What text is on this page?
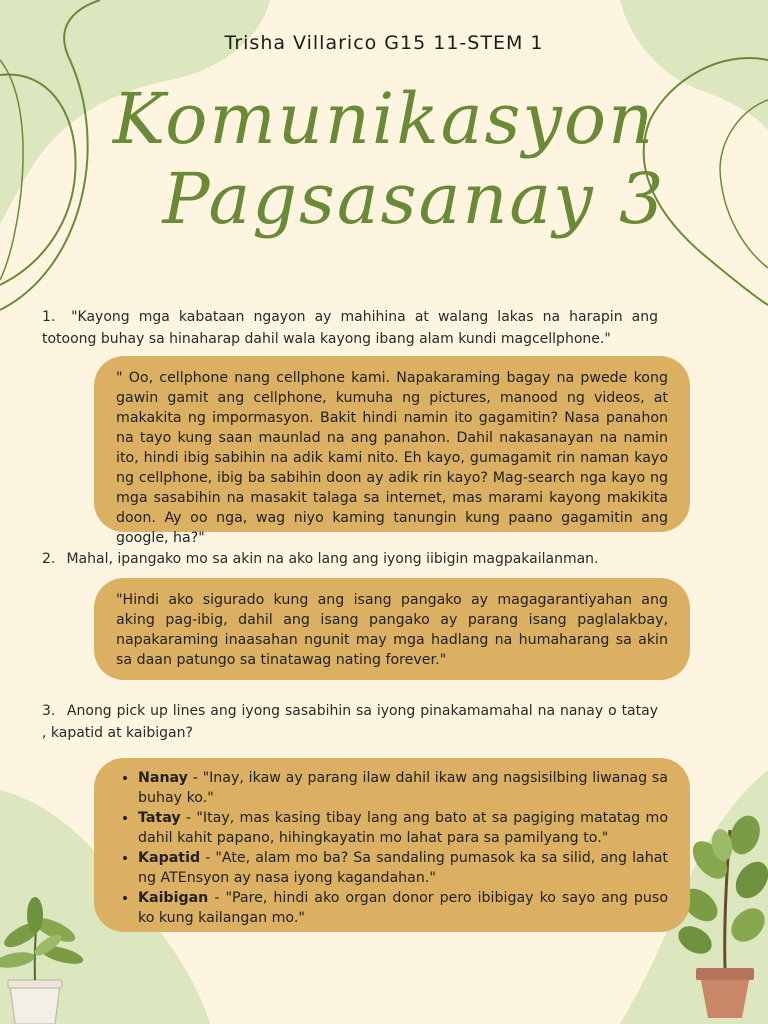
Trisha Villarico G15 11-STEM 1
Komunikasyon
Pagsasanay 3
1. "Kayong mga kabataan ngayon ay mahihina at walang lakas na harapin ang totoong buhay sa hinaharap dahil wala kayong ibang alam kundi magcellphone."
" Oo, cellphone nang cellphone kami. Napakaraming bagay na pwede kong gawin gamit ang cellphone, kumuha ng pictures, manood ng videos, at makakita ng impormasyon. Bakit hindi namin ito gagamitin? Nasa panahon na tayo kung saan maunlad na ang panahon. Dahil nakasanayan na namin ito, hindi ibig sabihin na adik kami nito. Eh kayo, gumagamit rin naman kayo ng cellphone, ibig ba sabihin doon ay adik rin kayo? Mag-search nga kayo ng mga sasabihin na masakit talaga sa internet, mas marami kayong makikita doon. Ay oo nga, wag niyo kaming tanungin kung paano gagamitin ang google, ha?"
2. Mahal, ipangako mo sa akin na ako lang ang iyong iibigin magpakailanman.
"Hindi ako sigurado kung ang isang pangako ay magagarantiyahan ang aking pag-ibig, dahil ang isang pangako ay parang isang paglalakbay, napakaraming inaasahan ngunit may mga hadlang na humaharang sa akin sa daan patungo sa tinatawag nating forever."
3. Anong pick up lines ang iyong sasabihin sa iyong pinakamamahal na nanay o tatay , kapatid at kaibigan?
• Nanay - "Inay, ikaw ay parang ilaw dahil ikaw ang nagsisilbing liwanag sa buhay ko."
• Tatay - "Itay, mas kasing tibay lang ang bato at sa pagiging matatag mo dahil kahit papano, hihingkayatin mo lahat para sa pamilyang to."
• Kapatid - "Ate, alam mo ba? Sa sandaling pumasok ka sa silid, ang lahat ng ATEnsyon ay nasa iyong kagandahan."
• Kaibigan - "Pare, hindi ako organ donor pero ibibigay ko sayo ang puso ko kung kailangan mo."
